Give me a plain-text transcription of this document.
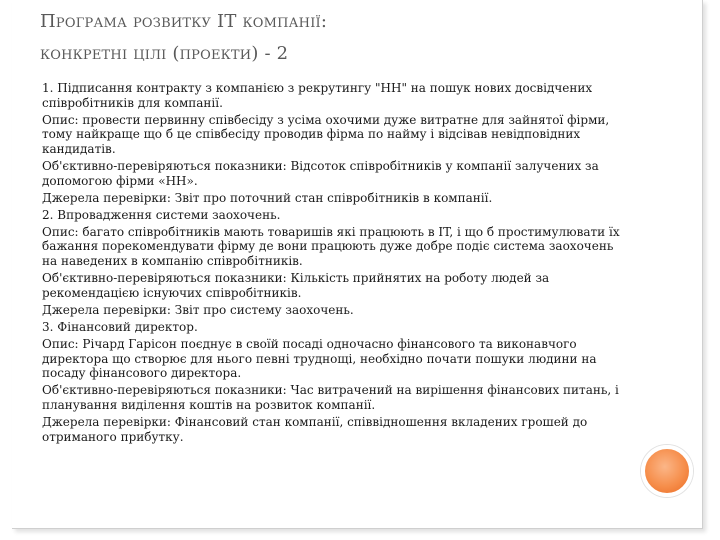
Програма розвитку IT компанії:
конкретні цілі (проекти) - 2

1. Підписання контракту з компанією з рекрутингу "НН" на пошук нових досвідчених співробітників для компанії.

Опис: провести первинну співбесіду з усіма охочими дуже витратне для зайнятої фірми, тому найкраще що б це співбесіду проводив фірма по найму і відсівав невідповідних кандидатів.

Об'єктивно-перевіряються показники: Відсоток співробітників у компанії залучених за допомогою фірми «НН».

Джерела перевірки: Звіт про поточний стан співробітників в компанії.

2. Впровадження системи заохочень.

Опис: багато співробітників мають товаришів які працюють в IT, і що б простимулювати їх бажання порекомендувати фірму де вони працюють дуже добре подіє система заохочень на наведених в компанію співробітників.

Об'єктивно-перевіряються показники: Кількість прийнятих на роботу людей за рекомендацією існуючих співробітників.

Джерела перевірки: Звіт про систему заохочень.

3. Фінансовий директор.

Опис: Річард Гарісон поєднує в своїй посаді одночасно фінансового та виконавчого директора що створює для нього певні труднощі, необхідно почати пошуки людини на посаду фінансового директора.

Об'єктивно-перевіряються показники: Час витрачений на вирішення фінансових питань, і планування виділення коштів на розвиток компанії.

Джерела перевірки: Фінансовий стан компанії, співвідношення вкладених грошей до отриманого прибутку.
